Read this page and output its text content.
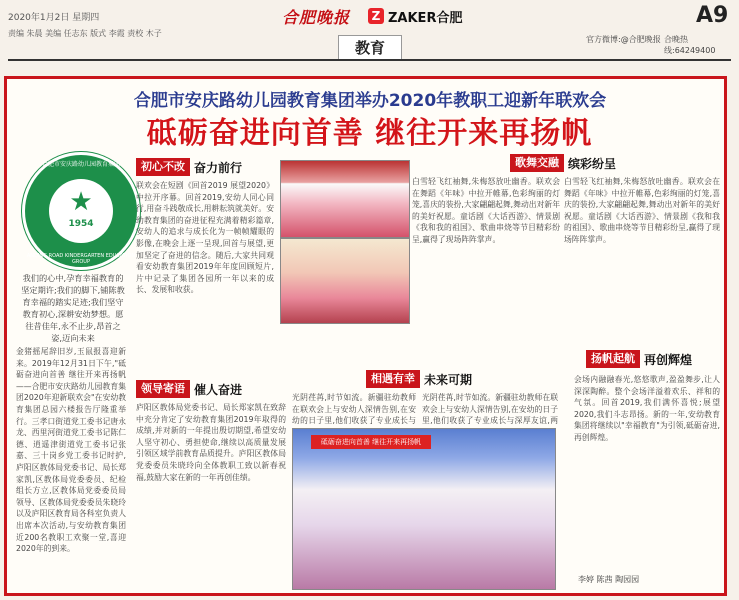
2020年1月2日 星期四
责编 朱晨 美编 任志东 版式 李霞 责校 木子
合肥晚报	Z ZAKER合肥	A9
教育	官方微博:@合肥晚报 合晚热线:64249400
合肥市安庆路幼儿园教育集团举办2020年教职工迎新年联欢会
砥砺奋进向首善 继往开来再扬帆
合肥市安庆路幼儿园教育集团
★
1954
ANQING ROAD KINDERGARTEN EDUCATION GROUP
我们的心中,孕育幸福教育的坚定期许;我们的脚下,铺陈教育幸福的踏实足迹;我们坚守教育初心,深耕安幼梦想。愿往昔佳年,永不止步,昂首之姿,迈向未来
金猪摇尾辞旧岁,玉鼠报喜迎新来。2019年12月31日下午,"砥砺奋进向首善 继往开来再扬帆——合肥市安庆路幼儿园教育集团2020年迎新联欢会"在安幼教育集团总园六楼报告厅隆重举行。三孝口街道党工委书记唐永龙、西里河街道党工委书记陈仁德、逍遥津街道党工委书记张嘉、三十岗乡党工委书记时护,庐阳区教体局党委书记、局长郑家凯,区教体局党委委员、纪检组长方立,区教体局党委委员局领导、区教体局党委委员朱晓玲以及庐阳区教育局各科室负责人出席本次活动,与安幼教育集团近200名教职工欢聚一堂,喜迎2020年的到来。
初心不改 奋力前行
联欢会在短剧《回首2019 展望2020》中拉开序幕。回首2019,安幼人同心同行,用奋斗践敬成长,用耕耘筑就美好。安幼教育集团的奋进征程充满着精彩篇章,安幼人的追求与成长化为一帧帧耀眼的影像,在晚会上逐一呈现,回首与展望,更加坚定了奋进的信念。随后,大家共同观看安幼教育集团2019年年度回顾短片,片中记录了集团各园所一年以来的成长、发展和收获。
领导寄语 催人奋进
庐阳区教体局党委书记、局长郑家凯在致辞中充分肯定了安幼教育集团2019年取得的成绩,并对新的一年提出殷切期望,希望安幼人坚守初心、勇担使命,继续以高质量发展引领区域学前教育品质提升。庐阳区教体局党委委员朱晓玲向全体教职工致以新春祝福,鼓励大家在新的一年再创佳绩。
歌舞交融 缤彩纷呈
白雪轻飞红袖舞,朱梅怒放吐幽香。联欢会在舞蹈《年味》中拉开帷幕,色彩绚丽的灯笼,喜庆的装扮,大家翩翩起舞,舞动出对新年的美好祝愿。童话剧《大话西游》、情景剧《我和我的祖国》、歌曲串烧等节目精彩纷呈,赢得了现场阵阵掌声。
白雪轻飞红袖舞,朱梅怒放吐幽香。联欢会在舞蹈《年味》中拉开帷幕,色彩绚丽的灯笼,喜庆的装扮,大家翩翩起舞,舞动出对新年的美好祝愿。童话剧《大话西游》、情景剧《我和我的祖国》、歌曲串烧等节目精彩纷呈,赢得了现场阵阵掌声。
相遇有幸 未来可期
光阴荏苒,时节如流。新疆驻幼教师在联欢会上与安幼人深情告别,在安幼的日子里,他们收获了专业成长与
光阴荏苒,时节如流。新疆驻幼教师在联欢会上与安幼人深情告别,在安幼的日子里,他们收获了专业成长与深厚友谊,两
砥砺奋进向首善 继往开来再扬帆
扬帆起航 再创辉煌
会场内融融春光,悠悠歌声,盈盈舞步,让人深深陶醉。整个会场洋溢着欢乐、祥和的气氛。回首2019,我们满怀喜悦;展望2020,我们斗志昂扬。新的一年,安幼教育集团将继续以"幸福教育"为引领,砥砺奋进,再创辉煌。
李婷 陈茜 陶园园
